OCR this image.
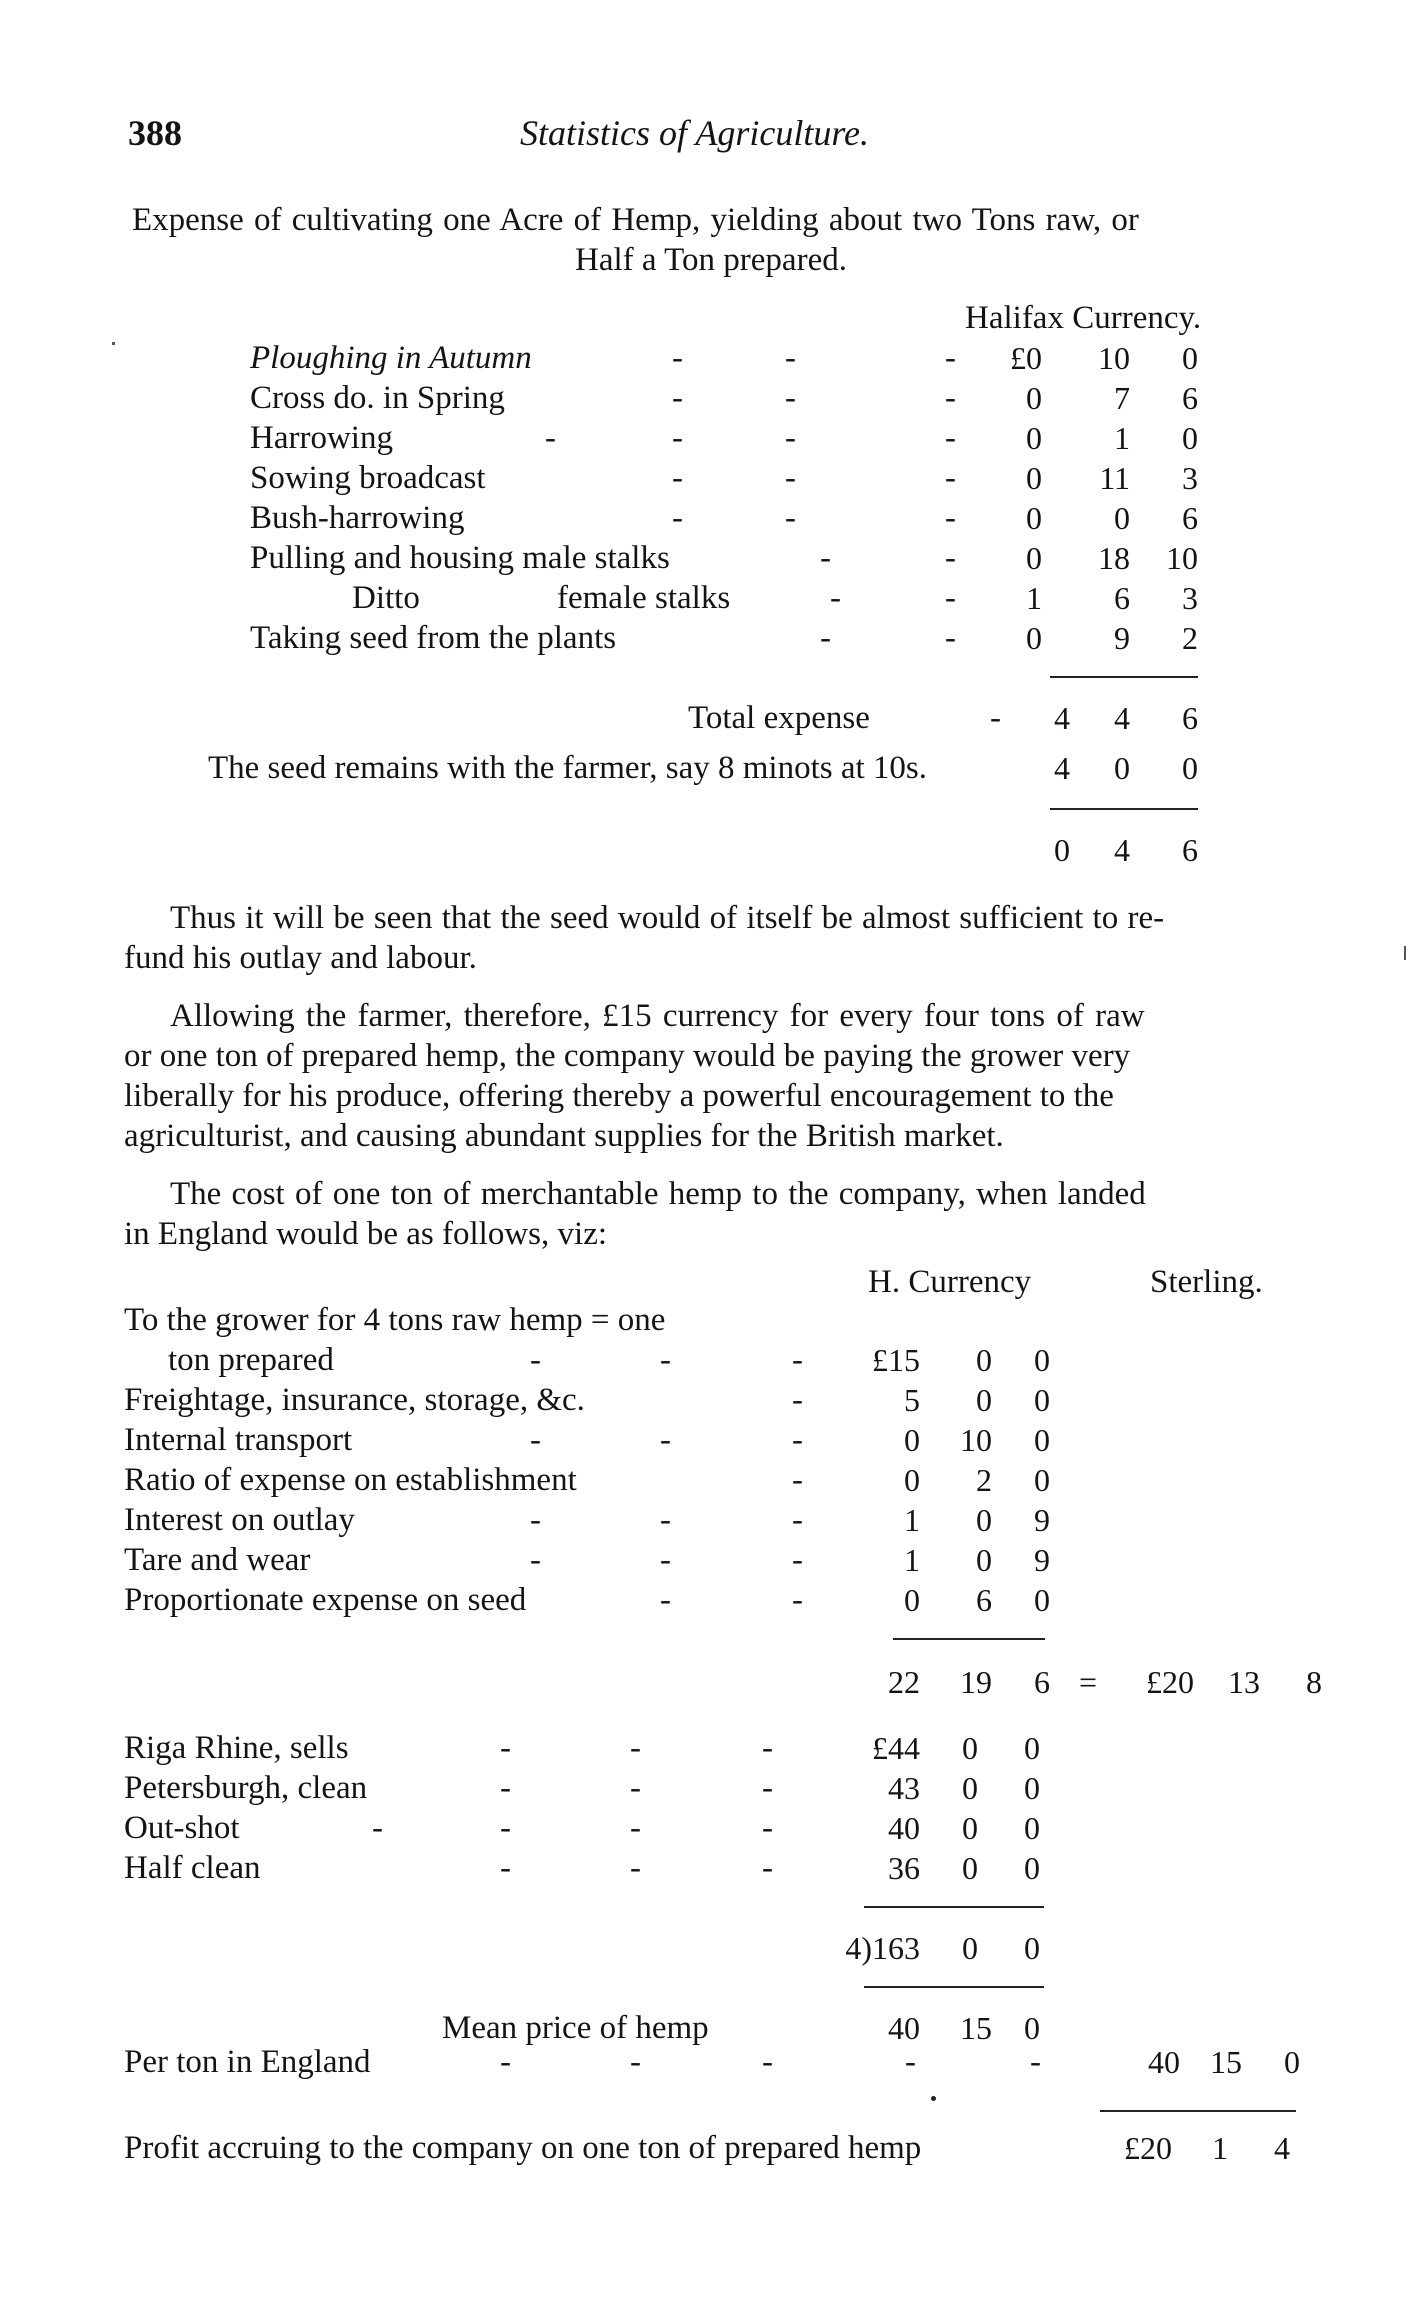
388	Statistics of Agriculture.
Expense of cultivating one Acre of Hemp, yielding about two Tons raw, or
Half a Ton prepared.
Halifax Currency.
Ploughing in Autumn	-	-	-	£0	10	0
Cross do. in Spring	-	-	-	0	7	6
Harrowing	-	-	-	-	0	1	0
Sowing broadcast	-	-	-	0	11	3
Bush-harrowing	-	-	-	0	0	6
Pulling and housing male stalks	-	-	0	18	10
Ditto	female stalks	-	-	1	6	3
Taking seed from the plants	-	-	0	9	2
Total expense	-	4	4	6
The seed remains with the farmer, say 8 minots at 10s.	4	0	0
0	4	6
Thus it will be seen that the seed would of itself be almost sufficient to re-
fund his outlay and labour.
Allowing the farmer, therefore, £15 currency for every four tons of raw
or one ton of prepared hemp, the company would be paying the grower very
liberally for his produce, offering thereby a powerful encouragement to the
agriculturist, and causing abundant supplies for the British market.
The cost of one ton of merchantable hemp to the company, when landed
in England would be as follows, viz:
H. Currency	Sterling.
To the grower for 4 tons raw hemp = one
ton prepared	-	-	-	£15	0	0
Freightage, insurance, storage, &c.	-	5	0	0
Internal transport	-	-	-	0	10	0
Ratio of expense on establishment	-	0	2	0
Interest on outlay	-	-	-	1	0	9
Tare and wear	-	-	-	1	0	9
Proportionate expense on seed	-	-	0	6	0
22	19	6 =	£20	13	8
Riga Rhine, sells	-	-	-	£44	0	0
Petersburgh, clean	-	-	-	43	0	0
Out-shot	-	-	-	-	40	0	0
Half clean	-	-	-	36	0	0
4)163	0	0
Mean price of hemp	40	15	0
Per ton in England	-	-	-	-	-	40 15	0
Profit accruing to the company on one ton of prepared hemp	£20	1	4
